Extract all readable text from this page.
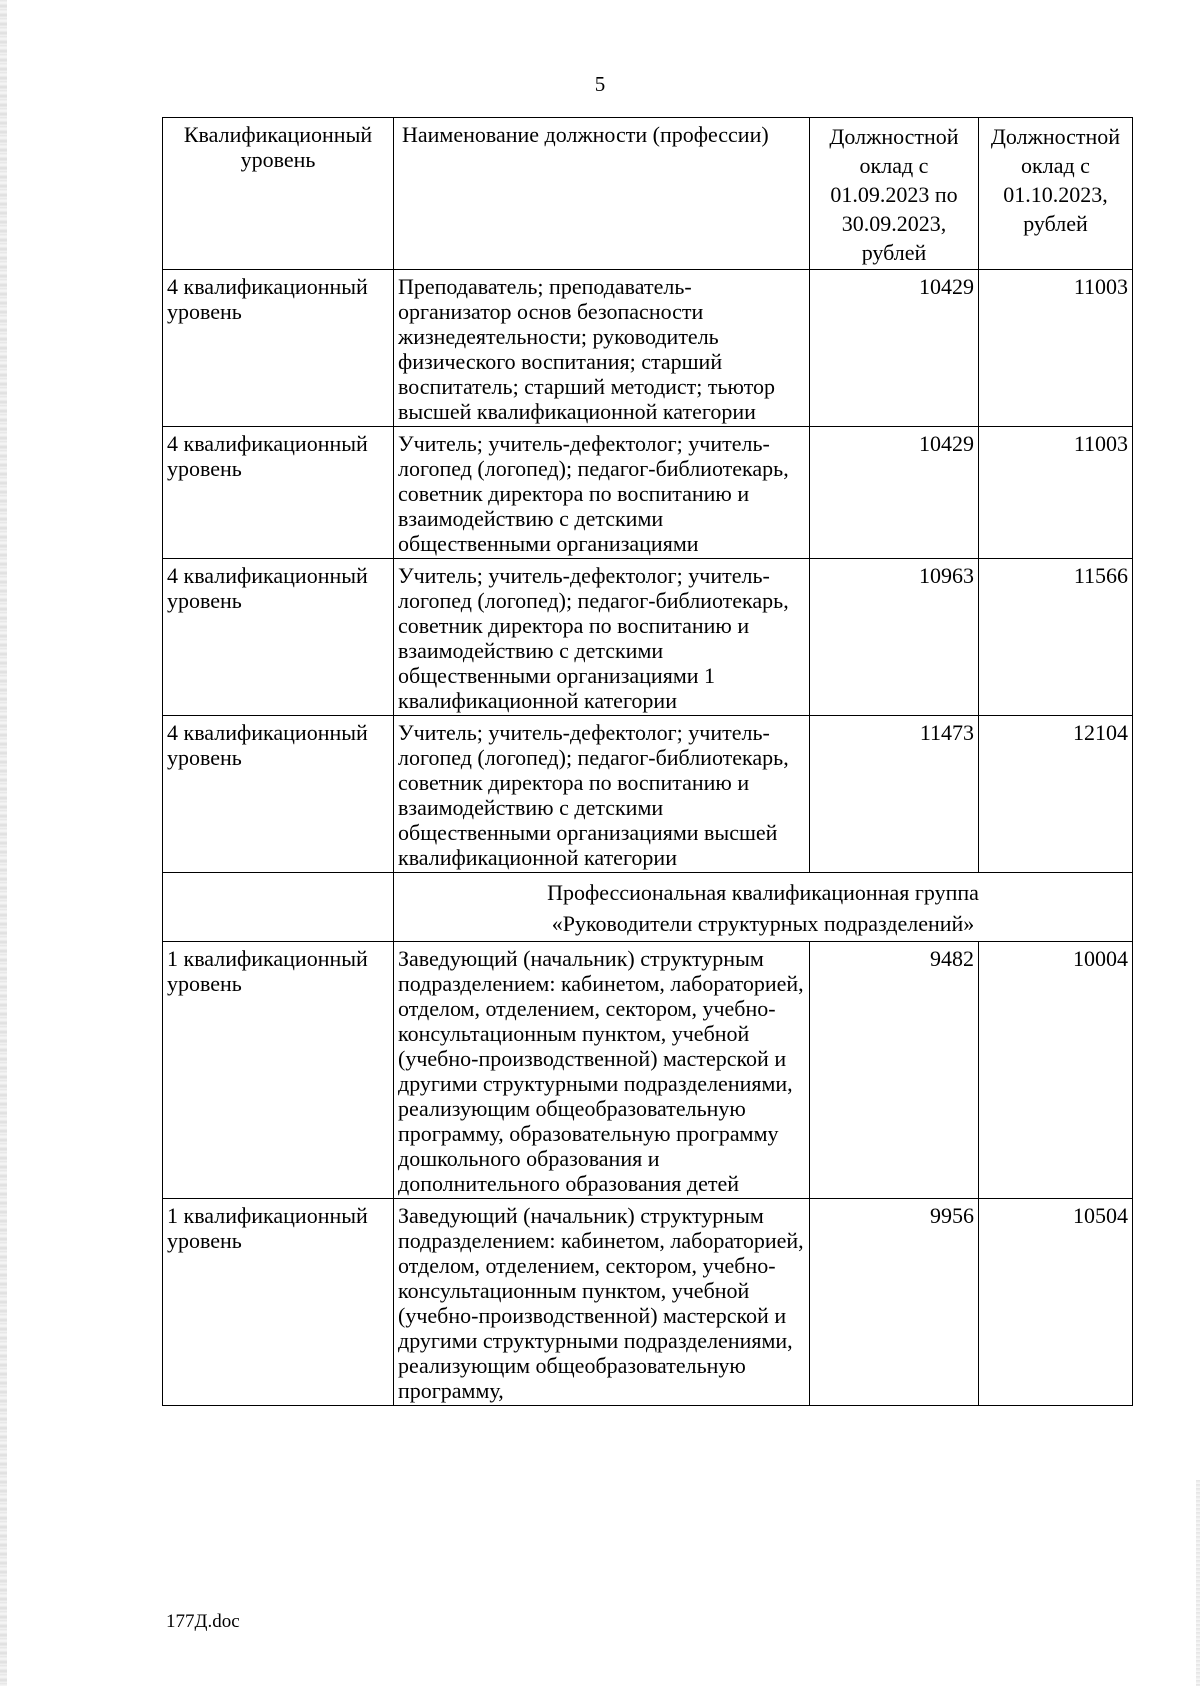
5
Квалификационный уровень	Наименование должности (профессии)	Должностной оклад с 01.09.2023 по 30.09.2023, рублей	Должностной оклад с 01.10.2023, рублей
4 квалификационный уровень	Преподаватель; преподаватель-организатор основ безопасности жизнедеятельности; руководитель физического воспитания; старший воспитатель; старший методист; тьютор высшей квалификационной категории	10429	11003
4 квалификационный уровень	Учитель; учитель-дефектолог; учитель-логопед (логопед); педагог-библиотекарь, советник директора по воспитанию и взаимодействию с детскими общественными организациями	10429	11003
4 квалификационный уровень	Учитель; учитель-дефектолог; учитель-логопед (логопед); педагог-библиотекарь, советник директора по воспитанию и взаимодействию с детскими общественными организациями 1 квалификационной категории	10963	11566
4 квалификационный уровень	Учитель; учитель-дефектолог; учитель-логопед (логопед); педагог-библиотекарь, советник директора по воспитанию и взаимодействию с детскими общественными организациями высшей квалификационной категории	11473	12104

	Профессиональная квалификационная группа
«Руководители структурных подразделений»		

1 квалификационный уровень	Заведующий (начальник) структурным подразделением: кабинетом, лабораторией, отделом, отделением, сектором, учебно-консультационным пунктом, учебной (учебно-производственной) мастерской и другими структурными подразделениями, реализующим общеобразовательную программу, образовательную программу дошкольного образования и дополнительного образования детей	9482	10004
1 квалификационный уровень	Заведующий (начальник) структурным подразделением: кабинетом, лабораторией, отделом, отделением, сектором, учебно-консультационным пунктом, учебной (учебно-производственной) мастерской и другими структурными подразделениями, реализующим общеобразовательную программу,	9956	10504
177Д.doc
